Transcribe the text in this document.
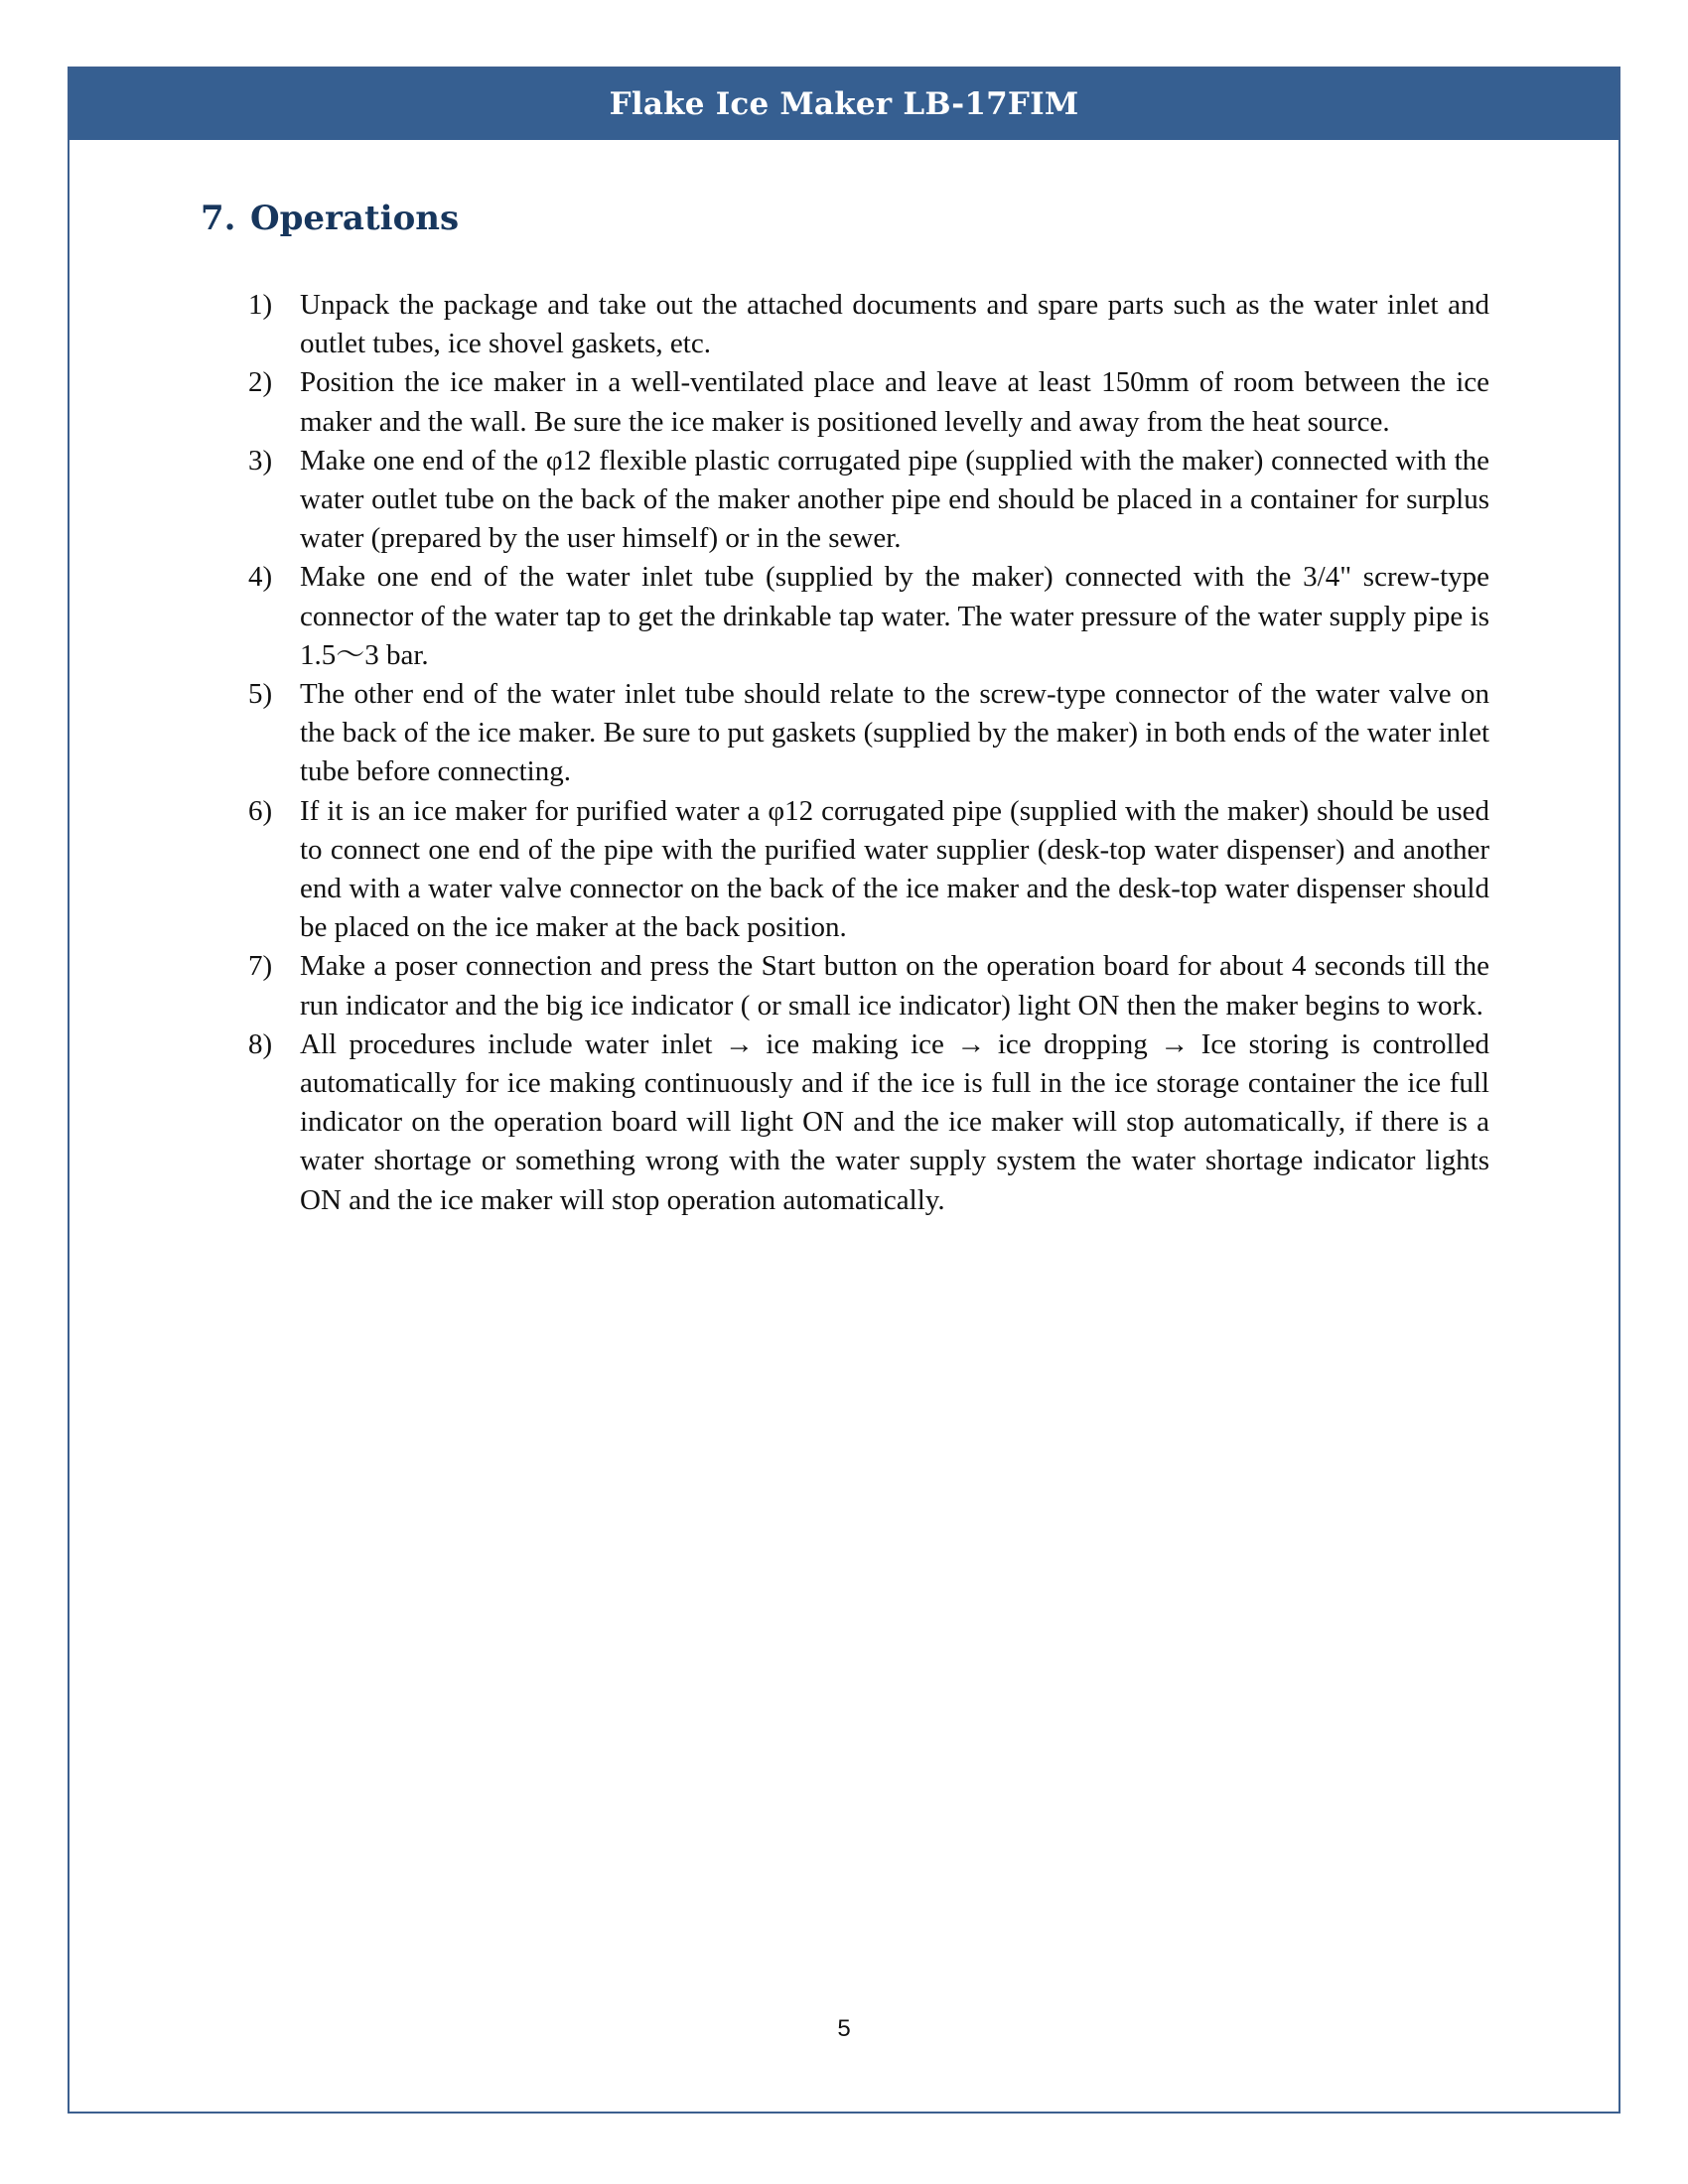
Flake Ice Maker LB-17FIM
7. Operations
1) Unpack the package and take out the attached documents and spare parts such as the water inlet and outlet tubes, ice shovel gaskets, etc.
2) Position the ice maker in a well-ventilated place and leave at least 150mm of room between the ice maker and the wall. Be sure the ice maker is positioned levelly and away from the heat source.
3) Make one end of the φ12 flexible plastic corrugated pipe (supplied with the maker) connected with the water outlet tube on the back of the maker another pipe end should be placed in a container for surplus water (prepared by the user himself) or in the sewer.
4) Make one end of the water inlet tube (supplied by the maker) connected with the 3/4" screw-type connector of the water tap to get the drinkable tap water. The water pressure of the water supply pipe is 1.5～3 bar.
5) The other end of the water inlet tube should relate to the screw-type connector of the water valve on the back of the ice maker. Be sure to put gaskets (supplied by the maker) in both ends of the water inlet tube before connecting.
6) If it is an ice maker for purified water a φ12 corrugated pipe (supplied with the maker) should be used to connect one end of the pipe with the purified water supplier (desk-top water dispenser) and another end with a water valve connector on the back of the ice maker and the desk-top water dispenser should be placed on the ice maker at the back position.
7) Make a poser connection and press the Start button on the operation board for about 4 seconds till the run indicator and the big ice indicator ( or small ice indicator) light ON then the maker begins to work.
8) All procedures include water inlet → ice making ice → ice dropping → Ice storing is controlled automatically for ice making continuously and if the ice is full in the ice storage container the ice full indicator on the operation board will light ON and the ice maker will stop automatically, if there is a water shortage or something wrong with the water supply system the water shortage indicator lights ON and the ice maker will stop operation automatically.
5
